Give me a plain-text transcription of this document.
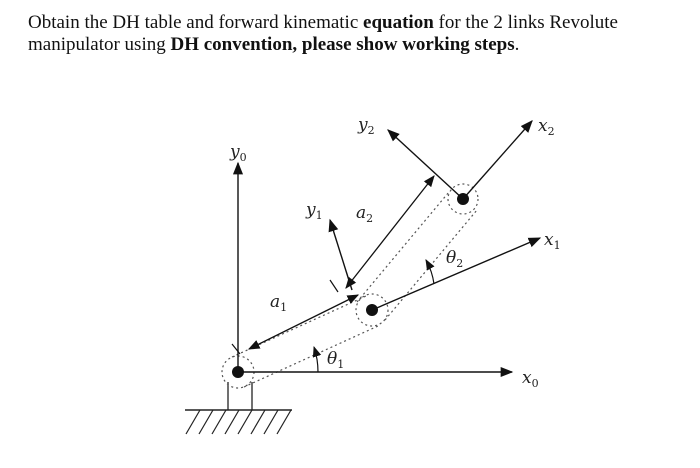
Obtain the DH table and forward kinematic equation for the 2 links Revolute manipulator using DH convention, please show working steps.
$y_0$
$y_1$
$y_2$
$x_0$
$x_1$
$x_2$
$a_1$
$a_2$
$\theta_1$
$\theta_2$
